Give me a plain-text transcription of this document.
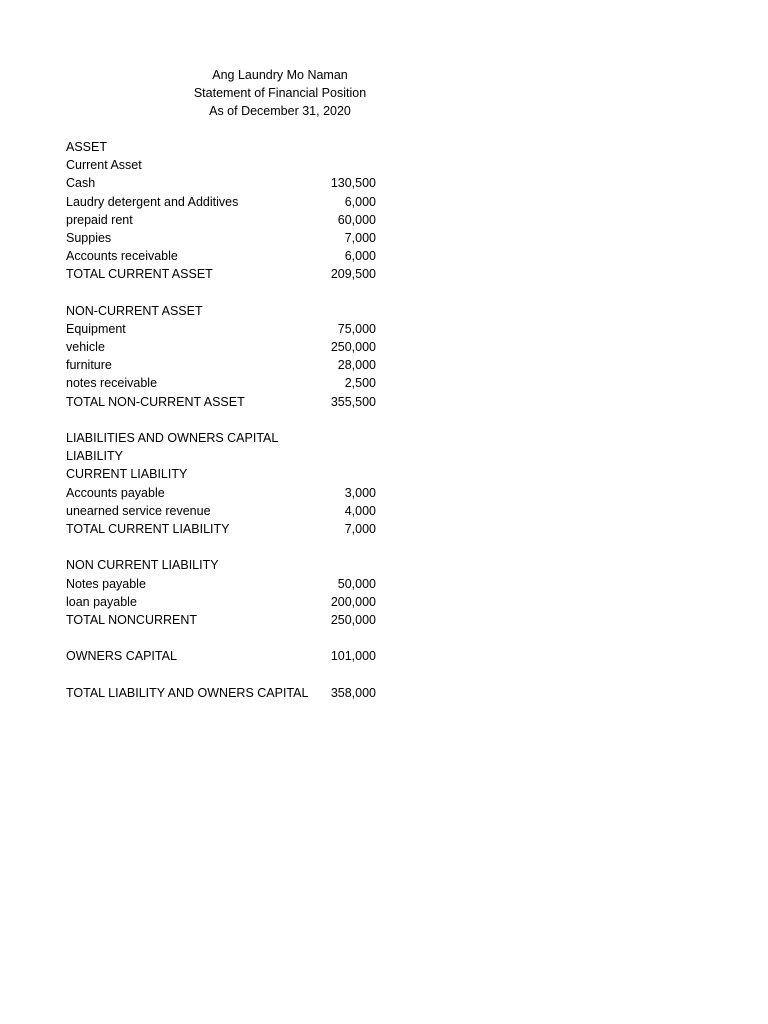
Ang Laundry Mo Naman
Statement of Financial Position
As of December 31, 2020
ASSET
Current Asset
Cash	130,500
Laudry detergent and Additives	6,000
prepaid rent	60,000
Suppies	7,000
Accounts receivable	6,000
TOTAL CURRENT ASSET	209,500
NON-CURRENT ASSET
Equipment	75,000
vehicle	250,000
furniture	28,000
notes receivable	2,500
TOTAL NON-CURRENT ASSET	355,500
LIABILITIES AND OWNERS CAPITAL
LIABILITY
CURRENT LIABILITY
Accounts payable	3,000
unearned service revenue	4,000
TOTAL CURRENT LIABILITY	7,000
NON CURRENT LIABILITY
Notes payable	50,000
loan payable	200,000
TOTAL NONCURRENT	250,000
OWNERS CAPITAL	101,000
TOTAL LIABILITY AND OWNERS CAPITAL 358,000
